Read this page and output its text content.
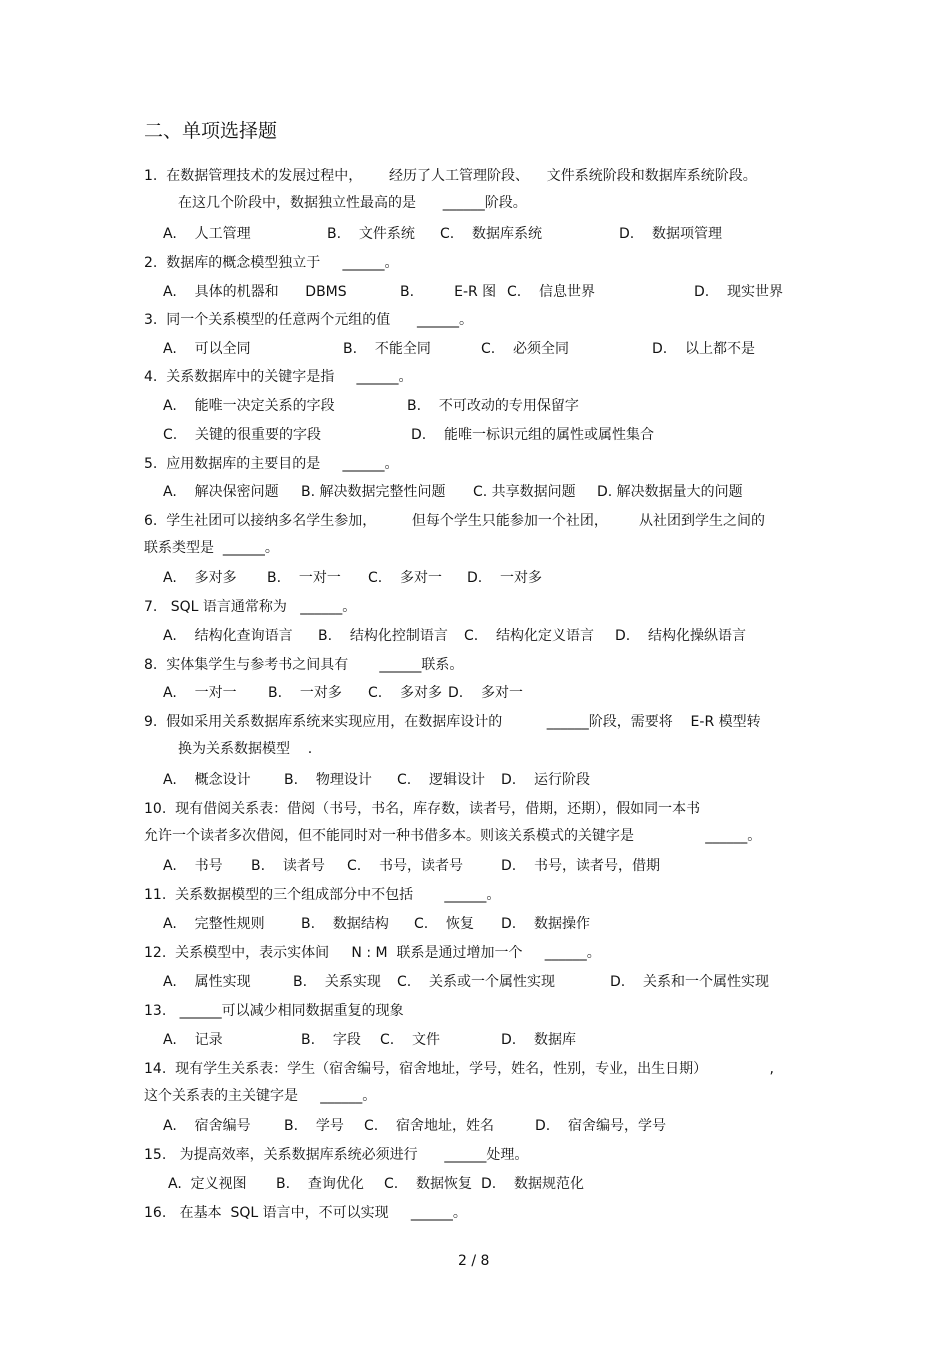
二、单项选择题
1.  在数据管理技术的发展过程中，      经历了人工管理阶段、    文件系统阶段和数据库系统阶段。
在这几个阶段中，数据独立性最高的是      ______阶段。
A.    人工管理	B.    文件系统 C.    数据库系统	D.    数据项管理
2.  数据库的概念模型独立于     ______。
A.    具体的机器和      DBMS	B.         E-R 图 C.    信息世界	D.    现实世界
3.  同一个关系模型的任意两个元组的值      ______。
A.    可以全同	B.    不能全同	C.    必须全同	D.    以上都不是
4.  关系数据库中的关键字是指     ______。
A.    能唯一决定关系的字段	B.    不可改动的专用保留字
C.    关键的很重要的字段	D.    能唯一标识元组的属性或属性集合
5.  应用数据库的主要目的是     ______。
A.    解决保密问题 B. 解决数据完整性问题 C. 共享数据问题 D. 解决数据量大的问题
6.  学生社团可以接纳多名学生参加，        但每个学生只能参加一个社团，       从社团到学生之间的
联系类型是  ______。
A.    多对多 B.    一对一 C.    多对一 D.    一对多
7.   SQL 语言通常称为   ______。
A.    结构化查询语言 B.    结构化控制语言 C.    结构化定义语言 D.    结构化操纵语言
8.  实体集学生与参考书之间具有       ______联系。
A.    一对一 B.    一对多 C.    多对多 D.    多对一
9.  假如采用关系数据库系统来实现应用，在数据库设计的          ______阶段，需要将    E-R 模型转
换为关系数据模型    .
A.    概念设计 B.    物理设计 C.    逻辑设计 D.    运行阶段
10.  现有借阅关系表：借阅（书号，书名，库存数，读者号，借期，还期），假如同一本书
允许一个读者多次借阅，但不能同时对一种书借多本。则该关系模式的关键字是                ______。
A.    书号 B.    读者号 C.    书号，读者号	D.    书号，读者号，借期
11.  关系数据模型的三个组成部分中不包括       ______。
A.    完整性规则	B.    数据结构 C.    恢复 D.    数据操作
12.  关系模型中，表示实体间     N : M  联系是通过增加一个     ______。
A.    属性实现	B.    关系实现 C.    关系或一个属性实现	D.    关系和一个属性实现
13.   ______可以减少相同数据重复的现象
A.    记录	B.    字段 C.    文件	D.    数据库
14.  现有学生关系表：学生（宿舍编号，宿舍地址，学号，姓名，性别，专业，出生日期）              ,
这个关系表的主关键字是     ______。
A.    宿舍编号 B.    学号 C.    宿舍地址，姓名	D.    宿舍编号，学号
15.   为提高效率，关系数据库系统必须进行      ______处理。
A.  定义视图 B.    查询优化 C.    数据恢复 D.    数据规范化
16.   在基本  SQL 语言中，不可以实现     ______。
2 / 8
